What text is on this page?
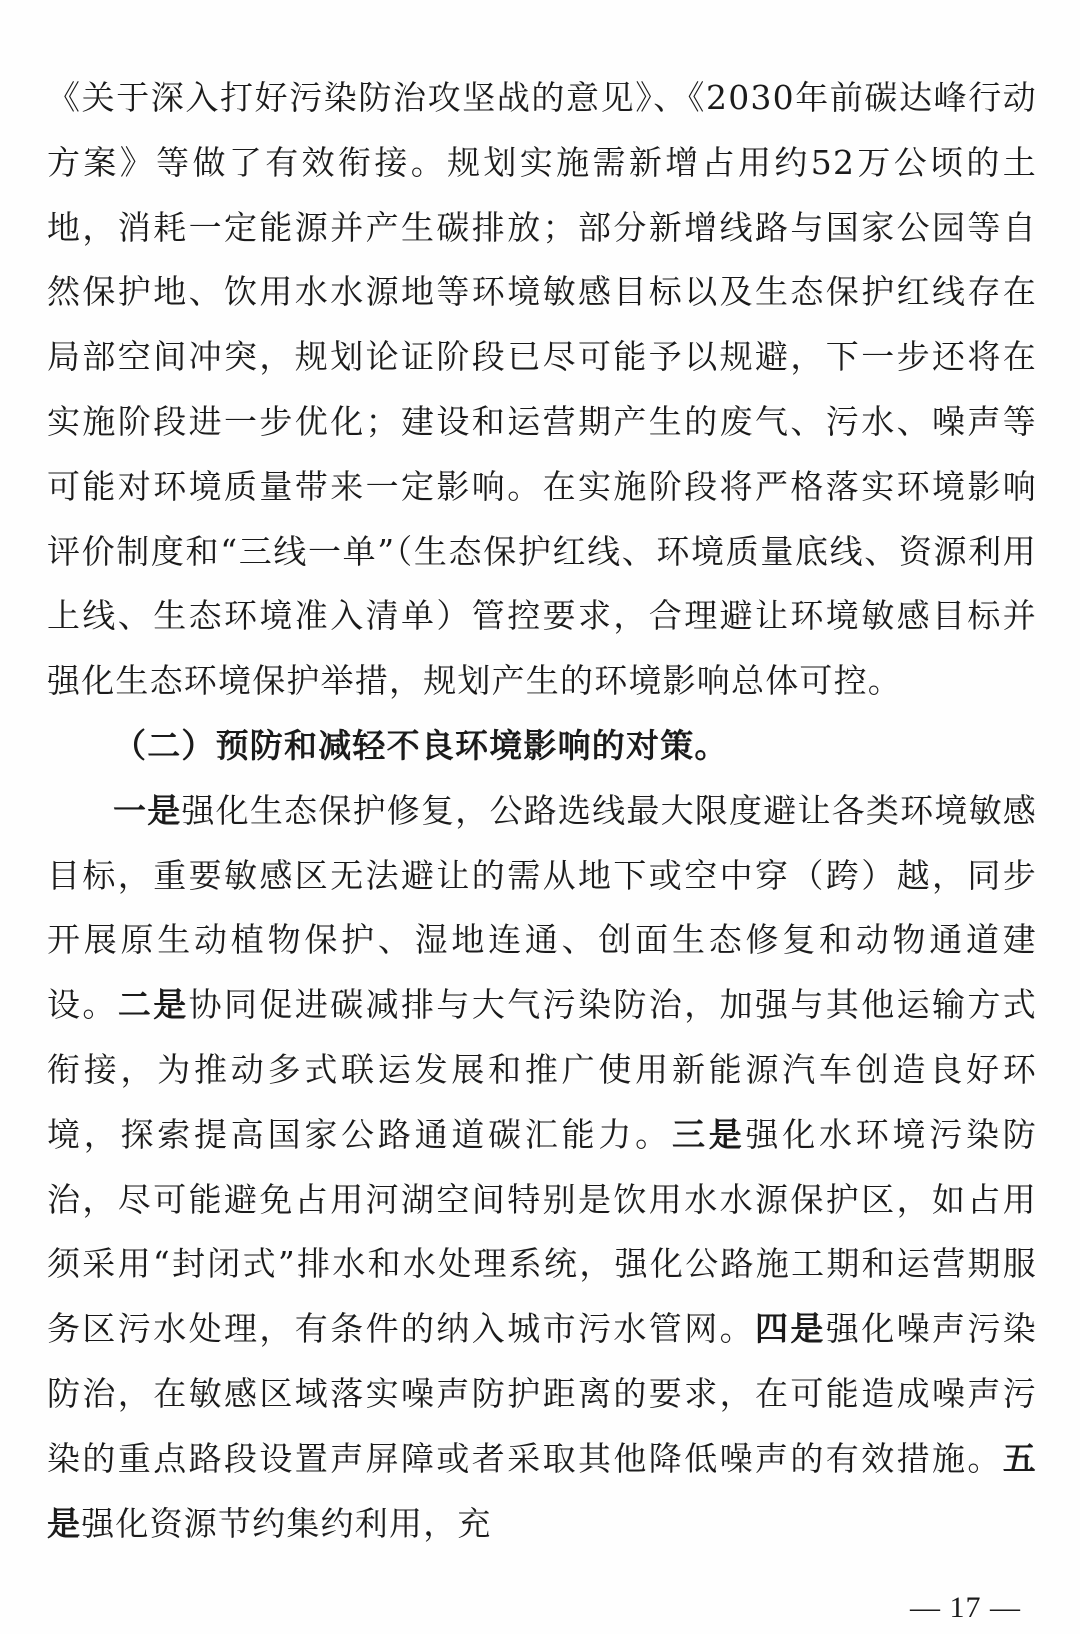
《关于深入打好污染防治攻坚战的意见》、《2030年前碳达峰行动方案》等做了有效衔接。规划实施需新增占用约52万公顷的土地，消耗一定能源并产生碳排放；部分新增线路与国家公园等自然保护地、饮用水水源地等环境敏感目标以及生态保护红线存在局部空间冲突，规划论证阶段已尽可能予以规避，下一步还将在实施阶段进一步优化；建设和运营期产生的废气、污水、噪声等可能对环境质量带来一定影响。在实施阶段将严格落实环境影响评价制度和“三线一单”（生态保护红线、环境质量底线、资源利用上线、生态环境准入清单）管控要求，合理避让环境敏感目标并强化生态环境保护举措，规划产生的环境影响总体可控。

（二）预防和减轻不良环境影响的对策。

一是强化生态保护修复，公路选线最大限度避让各类环境敏感目标，重要敏感区无法避让的需从地下或空中穿（跨）越，同步开展原生动植物保护、湿地连通、创面生态修复和动物通道建设。二是协同促进碳减排与大气污染防治，加强与其他运输方式衔接，为推动多式联运发展和推广使用新能源汽车创造良好环境，探索提高国家公路通道碳汇能力。三是强化水环境污染防治，尽可能避免占用河湖空间特别是饮用水水源保护区，如占用须采用“封闭式”排水和水处理系统，强化公路施工期和运营期服务区污水处理，有条件的纳入城市污水管网。四是强化噪声污染防治，在敏感区域落实噪声防护距离的要求，在可能造成噪声污染的重点路段设置声屏障或者采取其他降低噪声的有效措施。五是强化资源节约集约利用，充

— 17 —
